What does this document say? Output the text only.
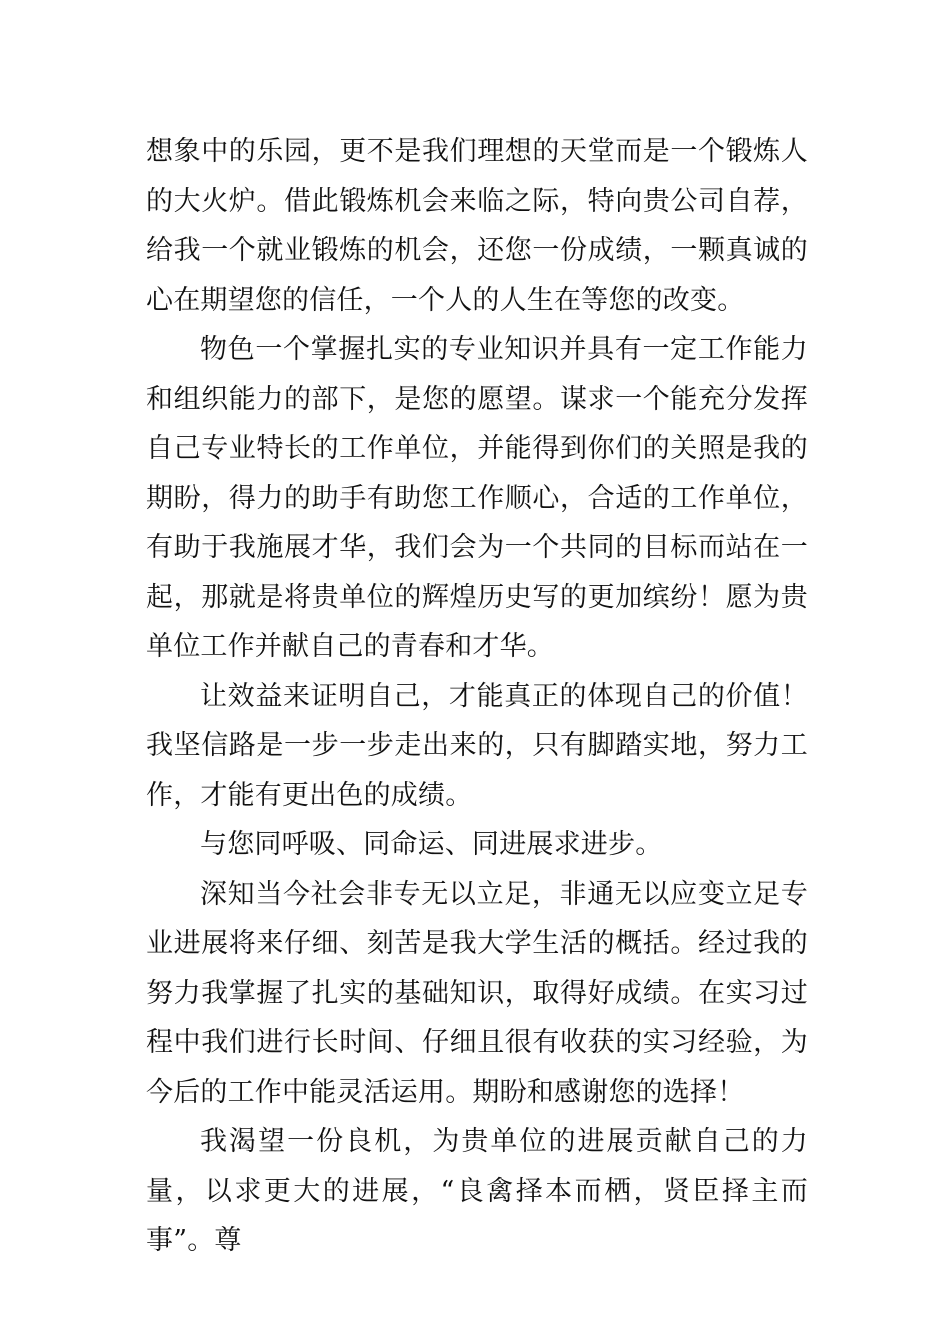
想象中的乐园，更不是我们理想的天堂而是一个锻炼人的大火炉。借此锻炼机会来临之际，特向贵公司自荐，给我一个就业锻炼的机会，还您一份成绩，一颗真诚的心在期望您的信任，一个人的人生在等您的改变。

物色一个掌握扎实的专业知识并具有一定工作能力和组织能力的部下，是您的愿望。谋求一个能充分发挥自己专业特长的工作单位，并能得到你们的关照是我的期盼，得力的助手有助您工作顺心，合适的工作单位，有助于我施展才华，我们会为一个共同的目标而站在一起，那就是将贵单位的辉煌历史写的更加缤纷！愿为贵单位工作并献自己的青春和才华。

让效益来证明自己，才能真正的体现自己的价值！我坚信路是一步一步走出来的，只有脚踏实地，努力工作，才能有更出色的成绩。

与您同呼吸、同命运、同进展求进步。

深知当今社会非专无以立足，非通无以应变立足专业进展将来仔细、刻苦是我大学生活的概括。经过我的努力我掌握了扎实的基础知识，取得好成绩。在实习过程中我们进行长时间、仔细且很有收获的实习经验，为今后的工作中能灵活运用。期盼和感谢您的选择！

我渴望一份良机，为贵单位的进展贡献自己的力量，以求更大的进展，“良禽择本而栖，贤臣择主而事”。尊
